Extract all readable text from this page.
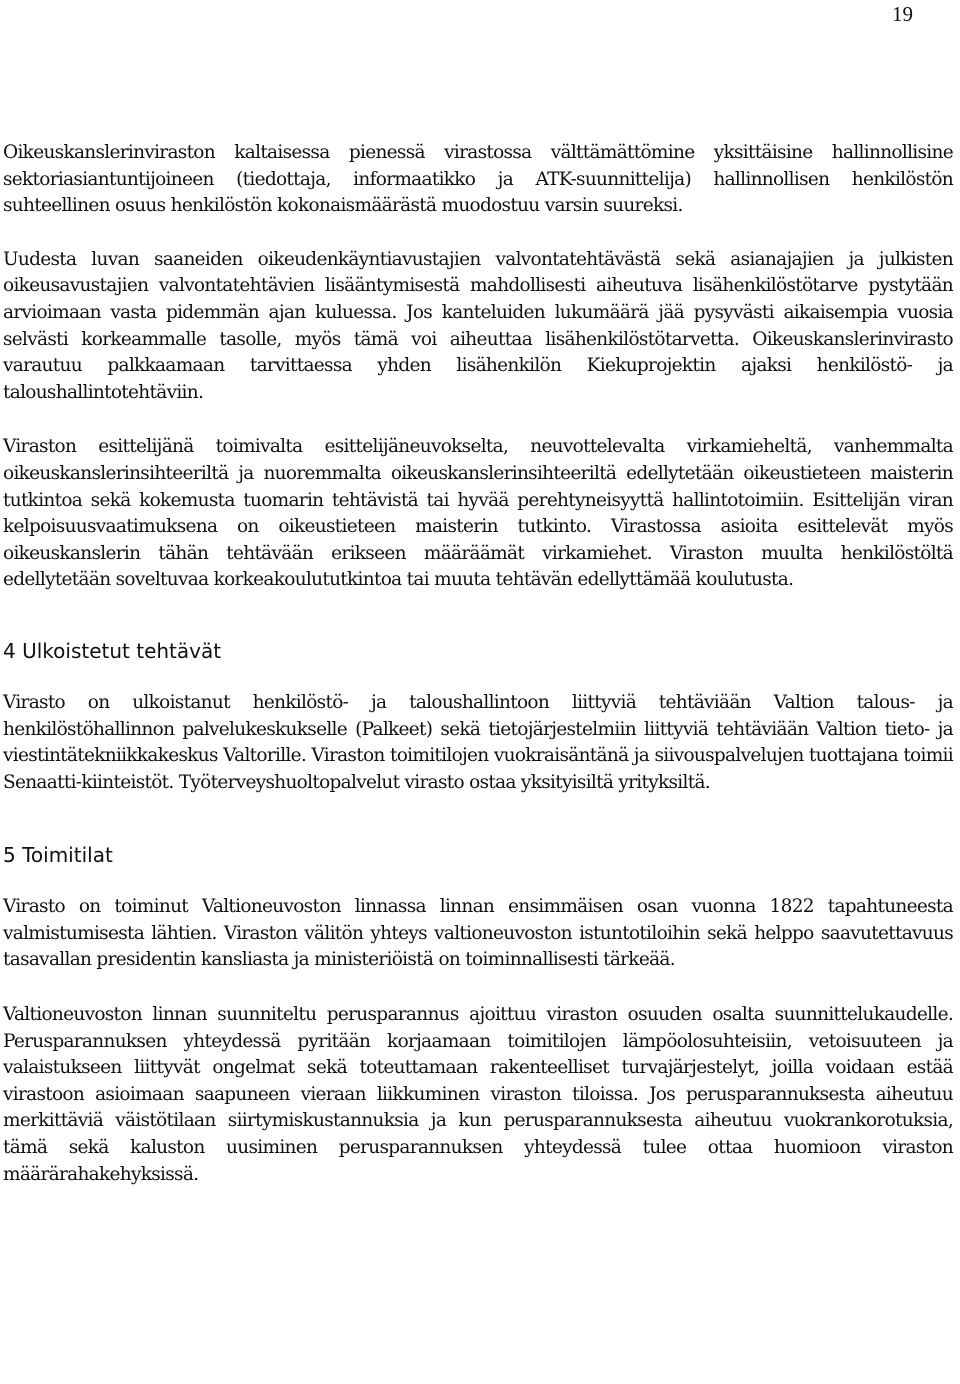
19

Oikeuskanslerinviraston kaltaisessa pienessä virastossa välttämättömine yksittäisine hallinnollisine sektoriasiantuntijoineen (tiedottaja, informaatikko ja ATK-suunnittelija) hallinnollisen henkilöstön suhteellinen osuus henkilöstön kokonaismäärästä muodostuu varsin suureksi.

Uudesta luvan saaneiden oikeudenkäyntiavustajien valvontatehtävästä sekä asianajajien ja julkisten oikeusavustajien valvontatehtävien lisääntymisestä mahdollisesti aiheutuva lisähenkilöstötarve pystytään arvioimaan vasta pidemmän ajan kuluessa. Jos kanteluiden lukumäärä jää pysyvästi aikaisempia vuosia selvästi korkeammalle tasolle, myös tämä voi aiheuttaa lisähenkilöstötarvetta. Oikeuskanslerinvirasto varautuu palkkaamaan tarvittaessa yhden lisähenkilön Kiekuprojektin ajaksi henkilöstö- ja taloushallintotehtäviin.

Viraston esittelijänä toimivalta esittelijäneuvokselta, neuvottelevalta virkamieheltä, vanhemmalta oikeuskanslerinsihteeriltä ja nuoremmalta oikeuskanslerinsihteeriltä edellytetään oikeustieteen maisterin tutkintoa sekä kokemusta tuomarin tehtävistä tai hyvää perehtyneisyyttä hallintotoimiin. Esittelijän viran kelpoisuusvaatimuksena on oikeustieteen maisterin tutkinto. Virastossa asioita esittelevät myös oikeuskanslerin tähän tehtävään erikseen määräämät virkamiehet. Viraston muulta henkilöstöltä edellytetään soveltuvaa korkeakoulututkintoa tai muuta tehtävän edellyttämää koulutusta.

4 Ulkoistetut tehtävät

Virasto on ulkoistanut henkilöstö- ja taloushallintoon liittyviä tehtäviään Valtion talous- ja henkilöstöhallinnon palvelukeskukselle (Palkeet) sekä tietojärjestelmiin liittyviä tehtäviään Valtion tieto- ja viestintätekniikkakeskus Valtorille. Viraston toimitilojen vuokraisäntänä ja siivouspalvelujen tuottajana toimii Senaatti-kiinteistöt. Työterveyshuoltopalvelut virasto ostaa yksityisiltä yrityksiltä.

5 Toimitilat

Virasto on toiminut Valtioneuvoston linnassa linnan ensimmäisen osan vuonna 1822 tapahtuneesta valmistumisesta lähtien. Viraston välitön yhteys valtioneuvoston istuntotiloihin sekä helppo saavutettavuus tasavallan presidentin kansliasta ja ministeriöistä on toiminnallisesti tärkeää.

Valtioneuvoston linnan suunniteltu perusparannus ajoittuu viraston osuuden osalta suunnittelukaudelle. Perusparannuksen yhteydessä pyritään korjaamaan toimitilojen lämpöolosuhteisiin, vetoisuuteen ja valaistukseen liittyvät ongelmat sekä toteuttamaan rakenteelliset turvajärjestelyt, joilla voidaan estää virastoon asioimaan saapuneen vieraan liikkuminen viraston tiloissa. Jos perusparannuksesta aiheutuu merkittäviä väistötilaan siirtymiskustannuksia ja kun perusparannuksesta aiheutuu vuokrankorotuksia, tämä sekä kaluston uusiminen perusparannuksen yhteydessä tulee ottaa huomioon viraston määrärahakehyksissä.
